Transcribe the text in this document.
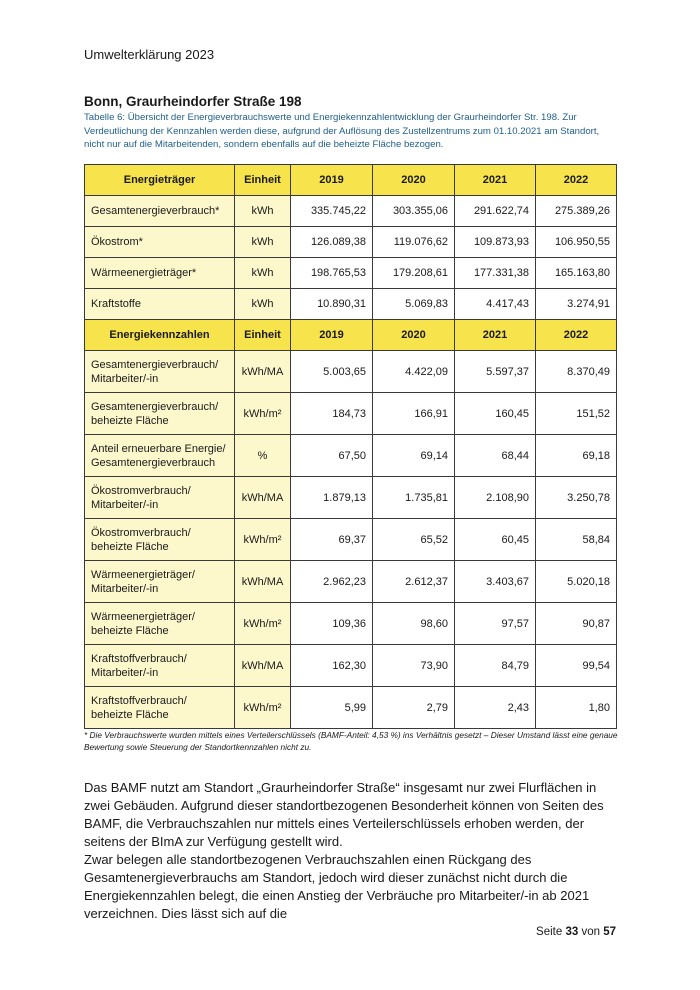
Umwelterklärung 2023
Bonn, Graurheindorfer Straße 198
Tabelle 6: Übersicht der Energieverbrauchswerte und Energiekennzahlentwicklung der Graurheindorfer Str. 198. Zur Verdeutlichung der Kennzahlen werden diese, aufgrund der Auflösung des Zustellzentrums zum 01.10.2021 am Standort, nicht nur auf die Mitarbeitenden, sondern ebenfalls auf die beheizte Fläche bezogen.
Energieträger	Einheit	2019	2020	2021	2022
Gesamtenergieverbrauch*	kWh	335.745,22	303.355,06	291.622,74	275.389,26
Ökostrom*	kWh	126.089,38	119.076,62	109.873,93	106.950,55
Wärmeenergieträger*	kWh	198.765,53	179.208,61	177.331,38	165.163,80
Kraftstoffe	kWh	10.890,31	5.069,83	4.417,43	3.274,91
Energiekennzahlen	Einheit	2019	2020	2021	2022

Gesamtenergieverbrauch/
Mitarbeiter/-in	kWh/MA	5.003,65	4.422,09	5.597,37	8.370,49

Gesamtenergieverbrauch/
beheizte Fläche	kWh/m²	184,73	166,91	160,45	151,52

Anteil erneuerbare Energie/
Gesamtenergieverbrauch	%	67,50	69,14	68,44	69,18

Ökostromverbrauch/
Mitarbeiter/-in	kWh/MA	1.879,13	1.735,81	2.108,90	3.250,78

Ökostromverbrauch/
beheizte Fläche	kWh/m²	69,37	65,52	60,45	58,84

Wärmeenergieträger/
Mitarbeiter/-in	kWh/MA	2.962,23	2.612,37	3.403,67	5.020,18

Wärmeenergieträger/
beheizte Fläche	kWh/m²	109,36	98,60	97,57	90,87

Kraftstoffverbrauch/
Mitarbeiter/-in	kWh/MA	162,30	73,90	84,79	99,54

Kraftstoffverbrauch/
beheizte Fläche	kWh/m²	5,99	2,79	2,43	1,80
* Die Verbrauchswerte wurden mittels eines Verteilerschlüssels (BAMF-Anteil: 4,53 %) ins Verhältnis gesetzt – Dieser Umstand lässt eine genaue Bewertung sowie Steuerung der Standortkennzahlen nicht zu.
Das BAMF nutzt am Standort „Graurheindorfer Straße“ insgesamt nur zwei Flurflächen in zwei Gebäuden. Aufgrund dieser standortbezogenen Besonderheit können von Seiten des BAMF, die Verbrauchszahlen nur mittels eines Verteilerschlüssels erhoben werden, der seitens der BImA zur Verfügung gestellt wird.
Zwar belegen alle standortbezogenen Verbrauchszahlen einen Rückgang des Gesamtenergieverbrauchs am Standort, jedoch wird dieser zunächst nicht durch die Energiekennzahlen belegt, die einen Anstieg der Verbräuche pro Mitarbeiter/-in ab 2021 verzeichnen. Dies lässt sich auf die
Seite 33 von 57
